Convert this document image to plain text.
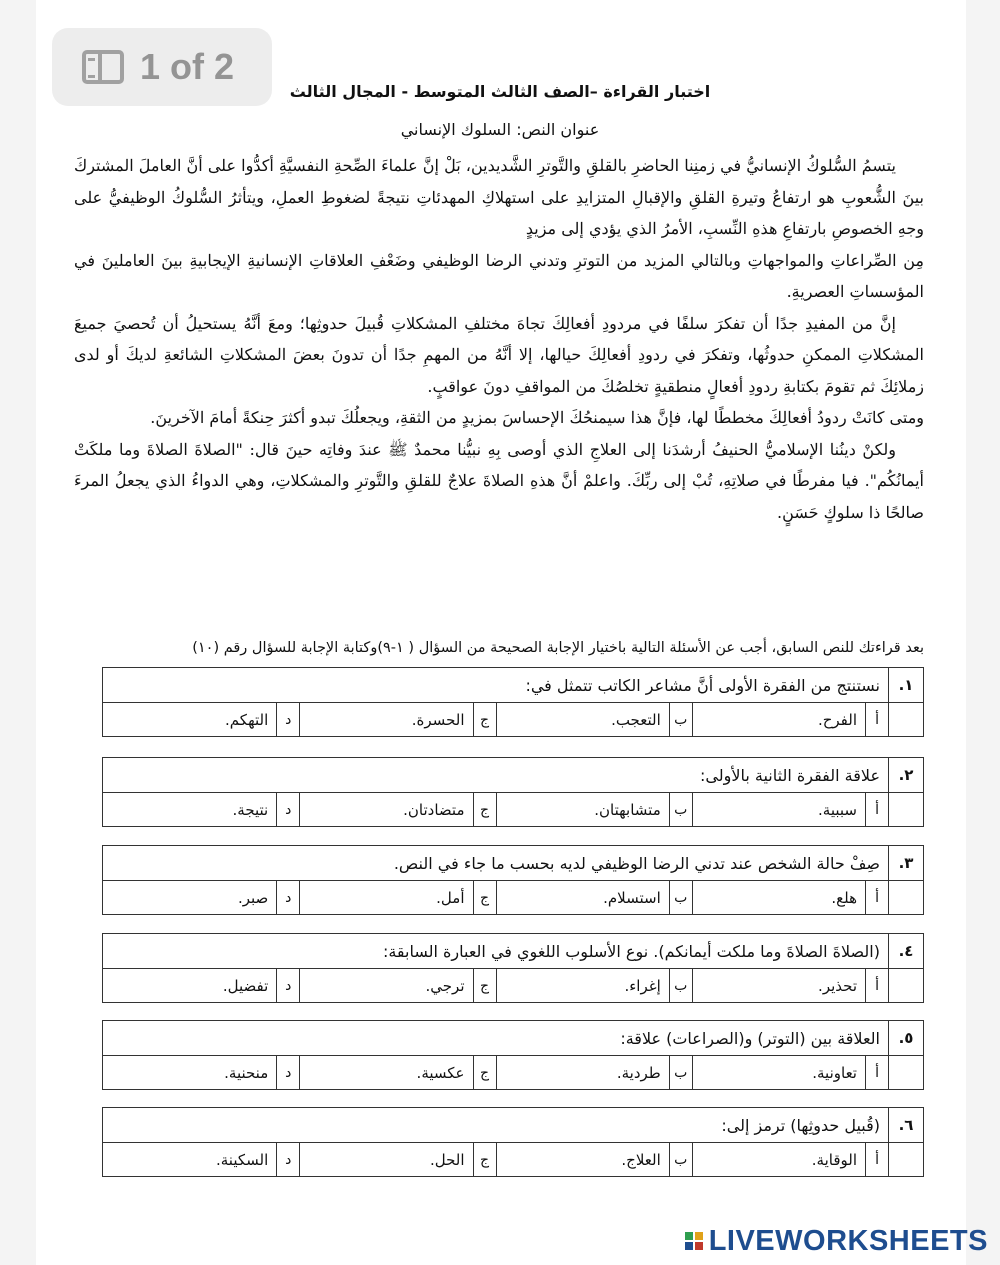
1 of 2
اختبار القراءة –الصف الثالث المتوسط - المجال الثالث
عنوان النص: السلوك الإنساني

يتسمُ السُّلوكُ الإنسانيُّ في زمنِنا الحاضرِ بالقلقِ والتَّوترِ الشَّديدين، بَلْ إنَّ علماءَ الصِّحةِ النفسيَّةِ أكدُّوا على أنَّ العاملَ المشتركَ بينَ الشُّعوبِ هو ارتفاعُ وتيرةِ القلقِ والإقبالِ المتزايدِ على استهلاكِ المهدئاتِ نتيجةً لضغوطِ العملِ، ويتأثرُ السُّلوكُ الوظيفيُّ على وجهِ الخصوصِ بارتفاعِ هذهِ النِّسبِ، الأمرُ الذي يؤدي إلى مزيدٍ

مِن الصِّراعاتِ والمواجهاتِ وبالتالي المزيد من التوترِ وتدني الرضا الوظيفي وضَعْفِ العلاقاتِ الإنسانيةِ الإيجابيةِ بينَ العاملينَ في المؤسساتِ العصريةِ.

إنَّ من المفيدِ جدًا أن تفكرَ سلفًا في مردودِ أفعالِكَ تجاهَ مختلفِ المشكلاتِ قُبيلَ حدوثِها؛ ومعَ أنَّهُ يستحيلُ أن تُحصيَ جميعَ المشكلاتِ الممكنِ حدوثُها، وتفكرَ في ردودِ أفعالِكَ حيالها، إلا أنَّهُ من المهمِ جدًا أن تدونَ بعضَ المشكلاتِ الشائعةِ لديكَ أو لدى زملائِكَ ثم تقومَ بكتابةِ ردودِ أفعالٍ منطقيةٍ تخلصُكَ من المواقفِ دونَ عواقبٍ.

ومتى كانَتْ ردودُ أفعالِكَ مخططًا لها، فإنَّ هذا سيمنحُكَ الإحساسَ بمزيدٍ من الثقةِ، ويجعلُكَ تبدو أكثرَ حِنكةً أمامَ الآخرينَ.

ولكنْ دينُنا الإسلاميُّ الحنيفُ أرشدَنا إلى العلاجِ الذي أوصى بِهِ نبيُّنا محمدٌ ﷺ عندَ وفاتِه حينَ قال: "الصلاةَ الصلاةَ وما ملكَتْ أيمانُكُم". فيا مفرطًا في صلاتِهِ، تُبْ إلى ربِّكَ. واعلمْ أنَّ هذهِ الصلاةَ علاجٌ للقلقِ والتَّوترِ والمشكلاتِ، وهي الدواءُ الذي يجعلُ المرءَ صالحًا ذا سلوكٍ حَسَنٍ.

بعد قراءتك للنص السابق، أجب عن الأسئلة التالية باختيار الإجابة الصحيحة من السؤال ( ١-٩)وكتابة الإجابة للسؤال رقم (١٠)
١.
نستنتج من الفقرة الأولى أنَّ مشاعر الكاتب تتمثل في:
أ
الفرح.
ب
التعجب.
ج
الحسرة.
د
التهكم.
٢.
علاقة الفقرة الثانية بالأولى:
أ
سببية.
ب
متشابهتان.
ج
متضادتان.
د
نتيجة.
٣.
صِفْ حالة الشخص عند تدني الرضا الوظيفي لديه بحسب ما جاء في النص.
أ
هلع.
ب
استسلام.
ج
أمل.
د
صبر.
٤.
(الصلاةَ الصلاةَ وما ملكت أيمانكم). نوع الأسلوب اللغوي في العبارة السابقة:
أ
تحذير.
ب
إغراء.
ج
ترجي.
د
تفضيل.
٥.
العلاقة بين (التوتر) و(الصراعات) علاقة:
أ
تعاونية.
ب
طردية.
ج
عكسية.
د
منحنية.
٦.
(قُبيل حدوثِها) ترمز إلى:
أ
الوقاية.
ب
العلاج.
ج
الحل.
د
السكينة.
LIVEWORKSHEETS
